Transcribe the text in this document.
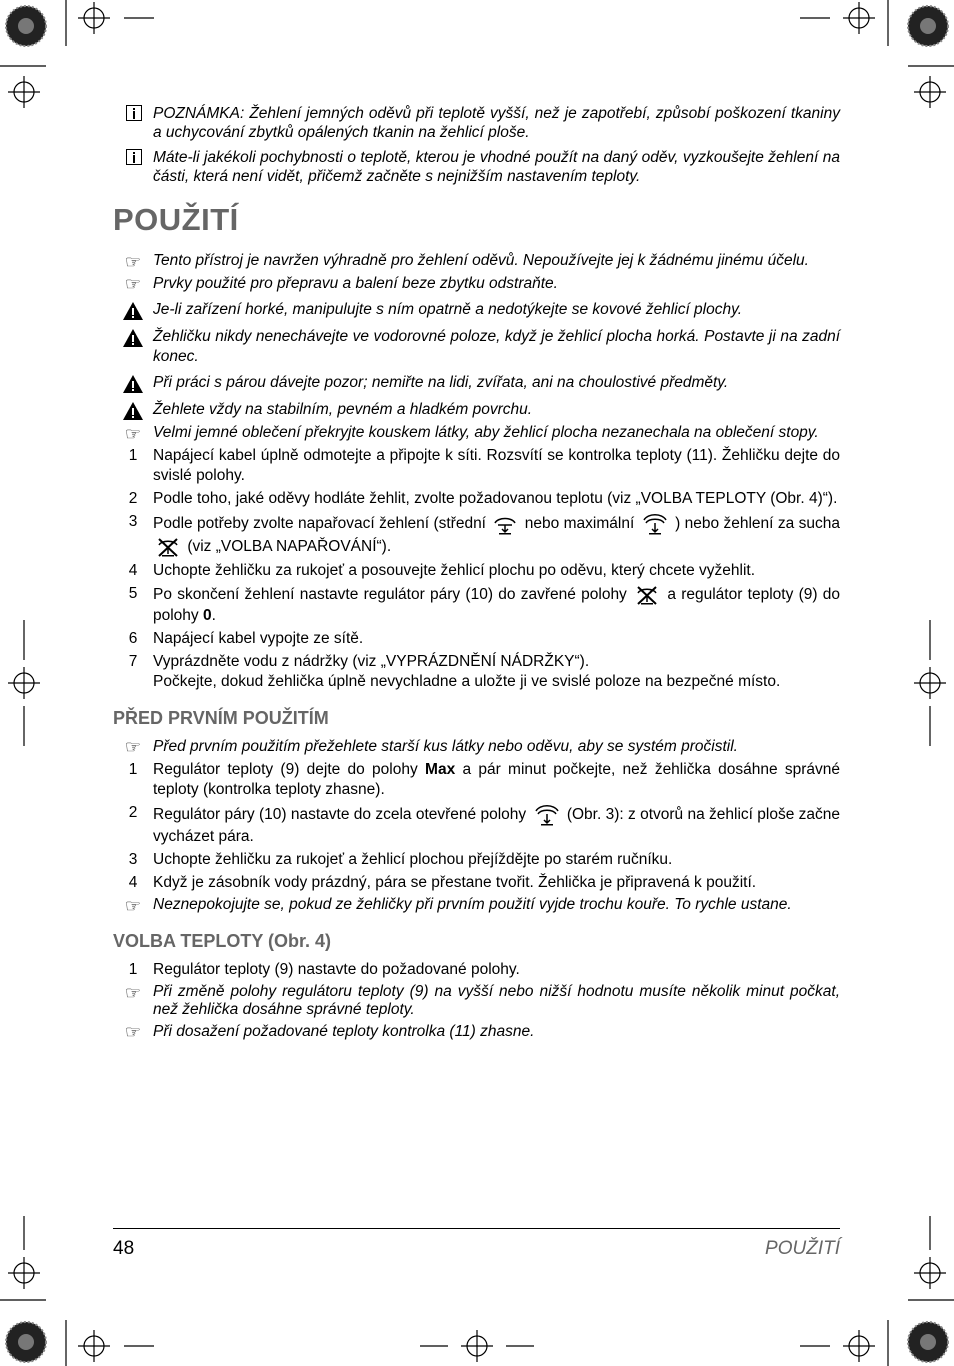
POZNÁMKA: Žehlení jemných oděvů při teplotě vyšší, než je zapotřebí, způsobí poškození tkaniny a uchycování zbytků opálených tkanin na žehlicí ploše.
Máte-li jakékoli pochybnosti o teplotě, kterou je vhodné použít na daný oděv, vyzkoušejte žehlení na části, která není vidět, přičemž začněte s nejnižším nastavením teploty.
POUŽITÍ
☞ Tento přístroj je navržen výhradně pro žehlení oděvů. Nepoužívejte jej k žádnému jinému účelu.
☞ Prvky použité pro přepravu a balení beze zbytku odstraňte.
Je-li zařízení horké, manipulujte s ním opatrně a nedotýkejte se kovové žehlicí plochy.
Žehličku nikdy nenechávejte ve vodorovné poloze, když je žehlicí plocha horká. Postavte ji na zadní konec.
Při práci s párou dávejte pozor; nemiřte na lidi, zvířata, ani na choulostivé předměty.
Žehlete vždy na stabilním, pevném a hladkém povrchu.
☞ Velmi jemné oblečení překryjte kouskem látky, aby žehlicí plocha nezanechala na oblečení stopy.
1	Napájecí kabel úplně odmotejte a připojte k síti. Rozsvítí se kontrolka teploty (11). Žehličku dejte do svislé polohy.
2	Podle toho, jaké oděvy hodláte žehlit, zvolte požadovanou teplotu (viz „VOLBA TEPLOTY (Obr. 4)“).
3	Podle potřeby zvolte napařovací žehlení (střední	nebo maximální	) nebo žehlení za sucha  (viz „VOLBA NAPAŘOVÁNÍ“).
4	Uchopte žehličku za rukojeť a posouvejte žehlicí plochu po oděvu, který chcete vyžehlit.
5	Po skončení žehlení nastavte regulátor páry (10) do zavřené polohy	a regulátor teploty (9) do polohy 0.
6	Napájecí kabel vypojte ze sítě.
7	Vyprázdněte vodu z nádržky (viz „VYPRÁZDNĚNÍ NÁDRŽKY“).
Počkejte, dokud žehlička úplně nevychladne a uložte ji ve svislé poloze na bezpečné místo.
PŘED PRVNÍM POUŽITÍM
☞ Před prvním použitím přežehlete starší kus látky nebo oděvu, aby se systém pročistil.
1	Regulátor teploty (9) dejte do polohy Max a pár minut počkejte, než žehlička dosáhne správné teploty (kontrolka teploty zhasne).
2	Regulátor páry (10) nastavte do zcela otevřené polohy	(Obr. 3): z otvorů na žehlicí ploše začne vycházet pára.
3	Uchopte žehličku za rukojeť a žehlicí plochou přejíždějte po starém ručníku.
4	Když je zásobník vody prázdný, pára se přestane tvořit. Žehlička je připravená k použití.
☞ Neznepokojujte se, pokud ze žehličky při prvním použití vyjde trochu kouře. To rychle ustane.
VOLBA TEPLOTY (Obr. 4)
1	Regulátor teploty (9) nastavte do požadované polohy.
☞ Při změně polohy regulátoru teploty (9) na vyšší nebo nižší hodnotu musíte několik minut počkat, než žehlička dosáhne správné teploty.
☞ Při dosažení požadované teploty kontrolka (11) zhasne.
48	POUŽITÍ
